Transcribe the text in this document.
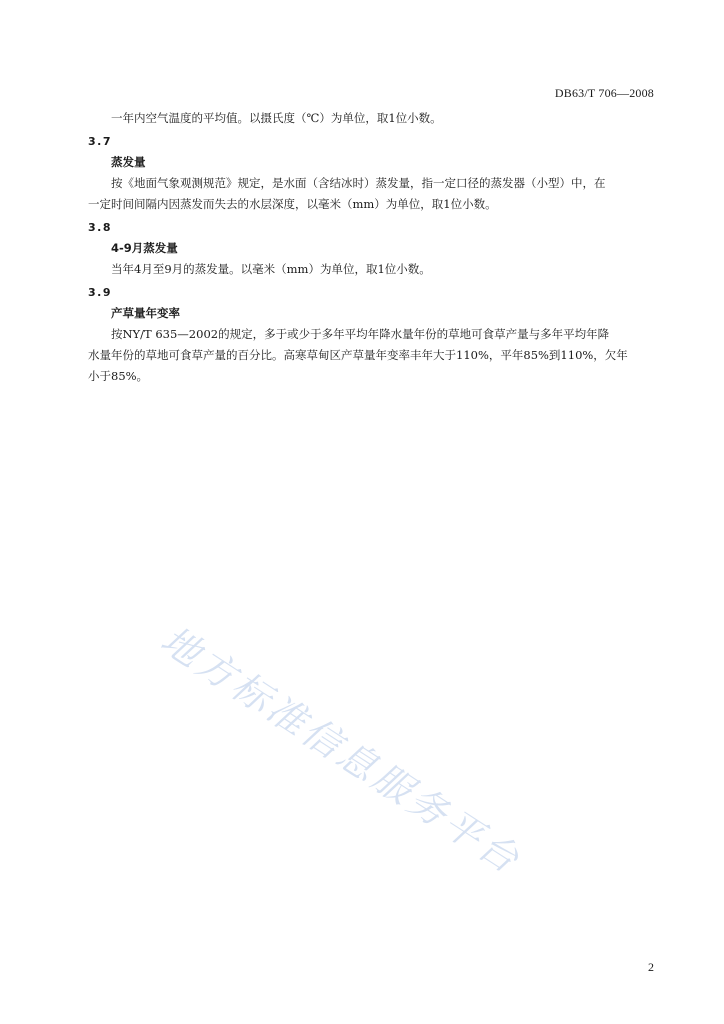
DB63/T 706—2008
一年内空气温度的平均值。以摄氏度（℃）为单位，取1位小数。
3.7
蒸发量
按《地面气象观测规范》规定，是水面（含结冰时）蒸发量，指一定口径的蒸发器（小型）中，在
一定时间间隔内因蒸发而失去的水层深度，以毫米（mm）为单位，取1位小数。
3.8
4-9月蒸发量
当年4月至9月的蒸发量。以毫米（mm）为单位，取1位小数。
3.9
产草量年变率
按NY/T 635—2002的规定，多于或少于多年平均年降水量年份的草地可食草产量与多年平均年降
水量年份的草地可食草产量的百分比。高寒草甸区产草量年变率丰年大于110%，平年85%到110%，欠年
小于85%。
地方标准信息服务平台
2
